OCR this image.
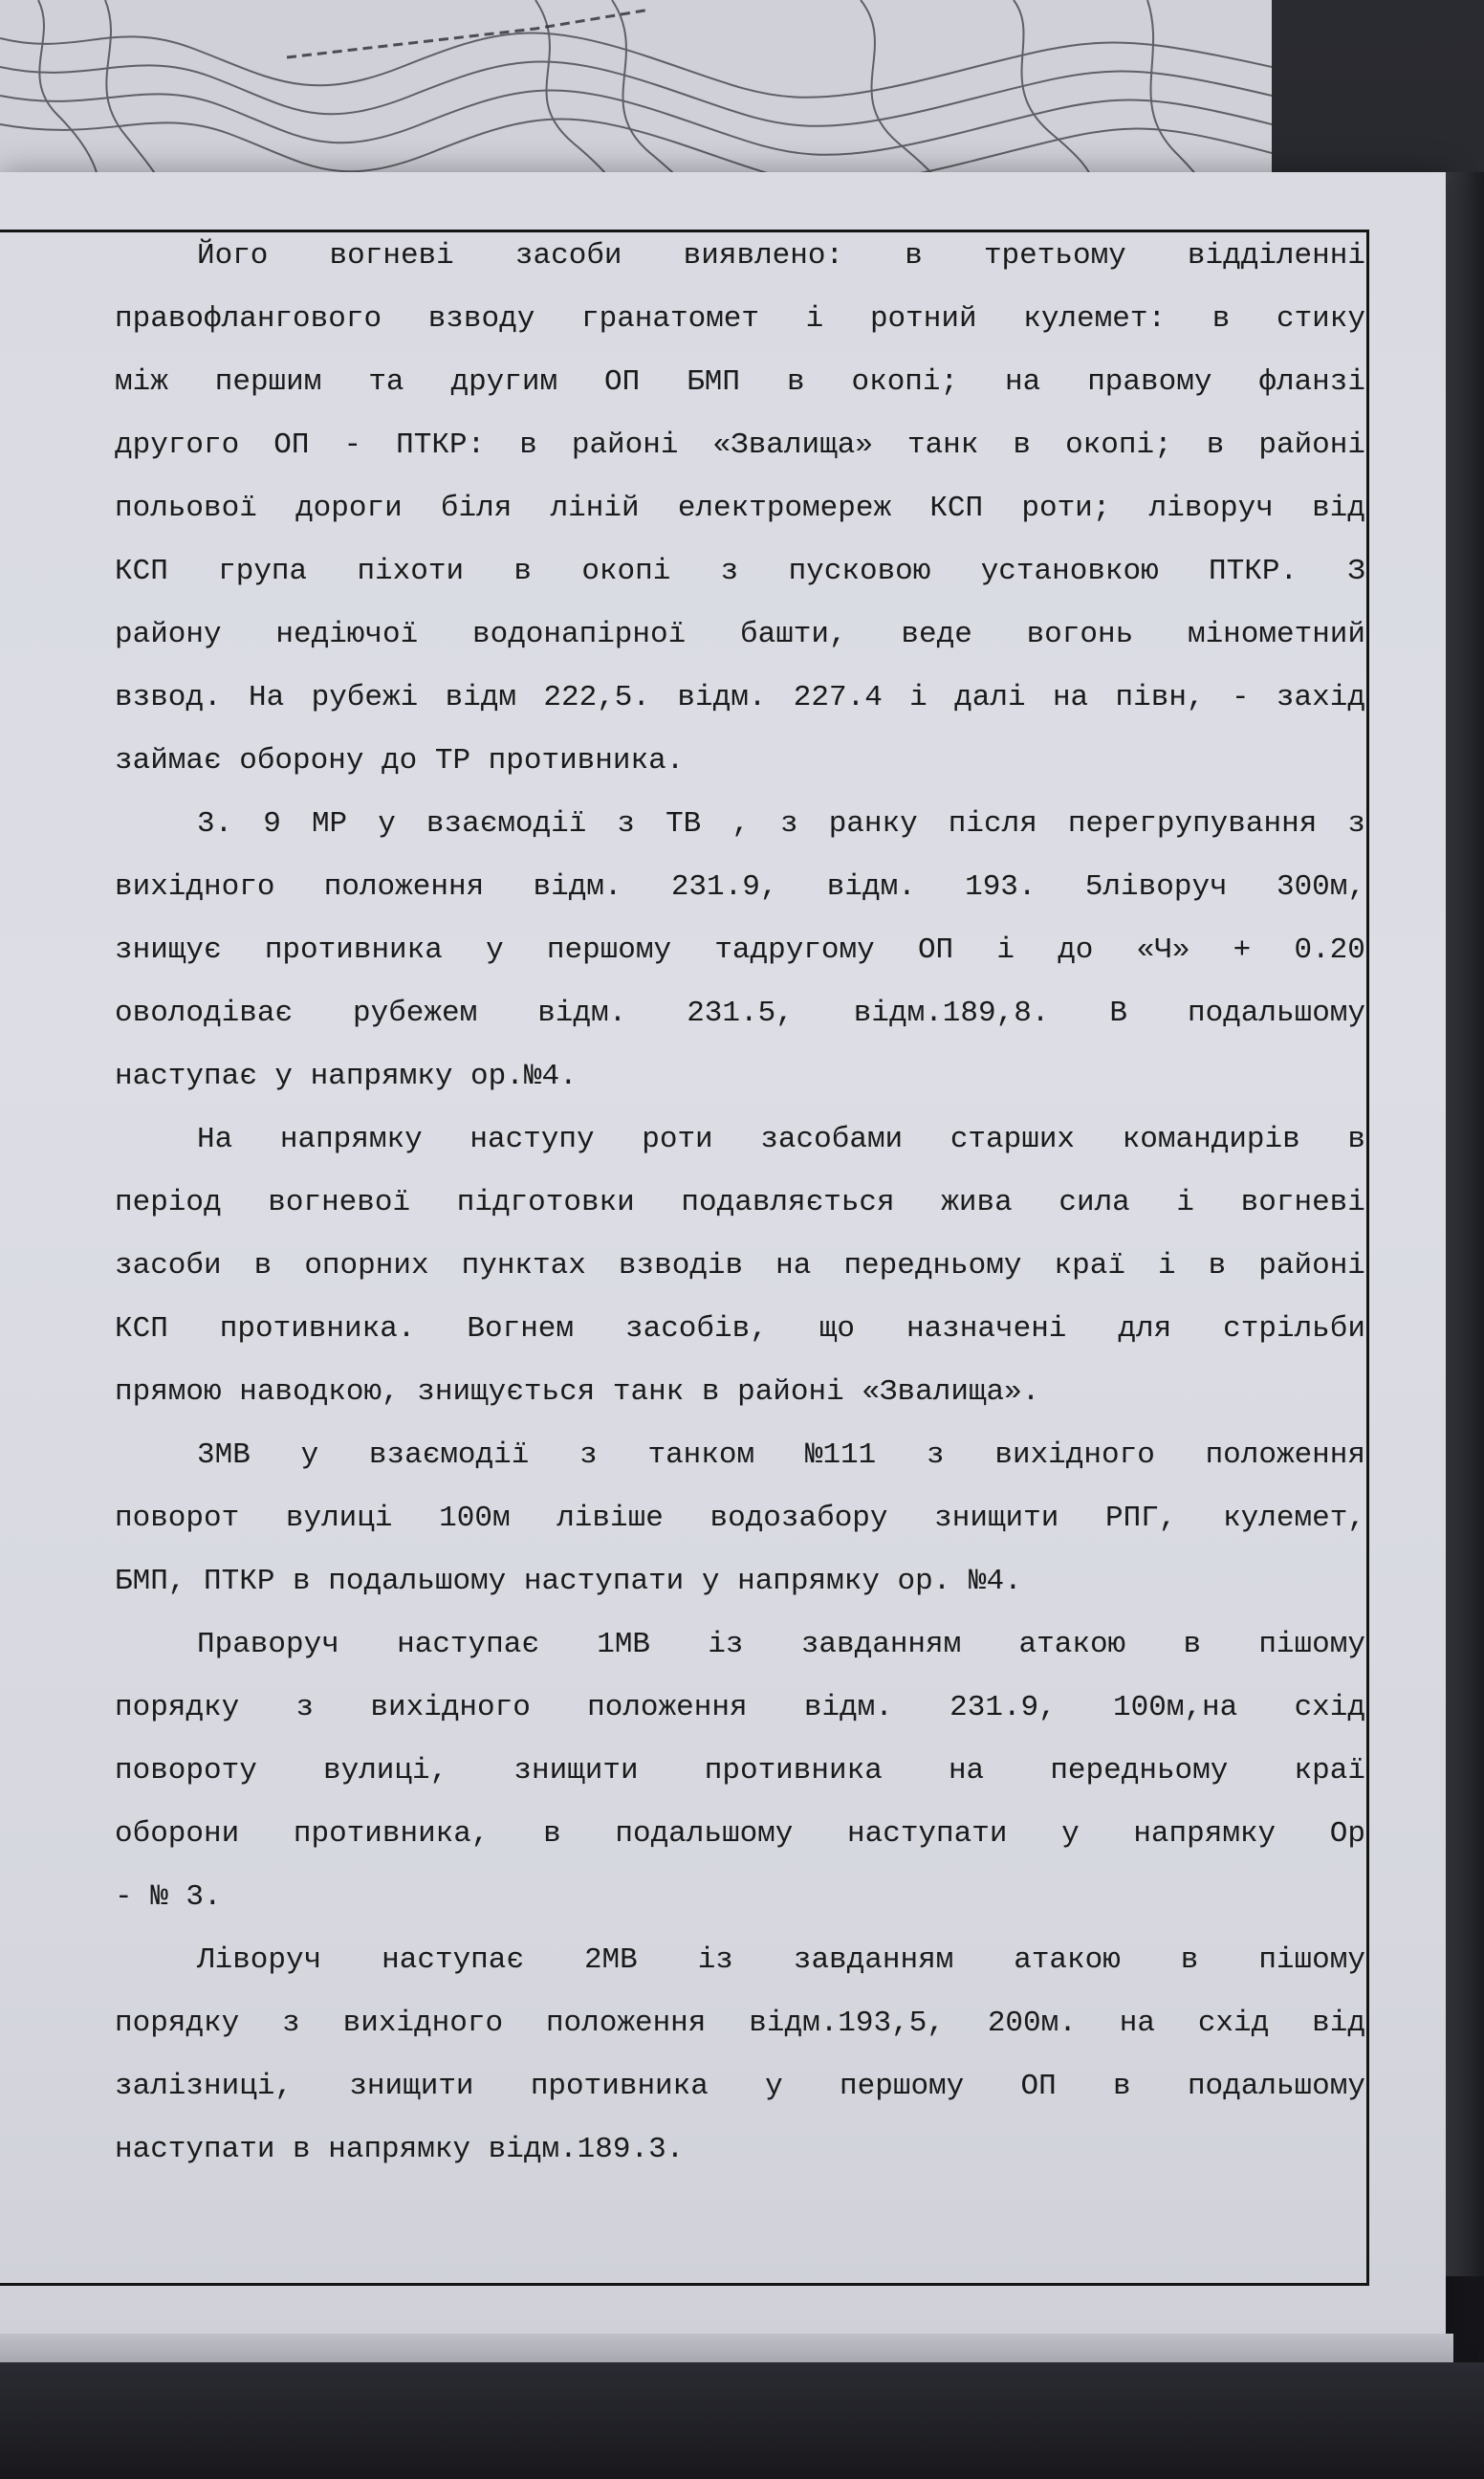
Його вогневі засоби виявлено: в третьому відділенні
правофлангового взводу гранатомет і ротний кулемет: в стику
між першим та другим ОП БМП в окопі; на правому фланзі
другого ОП - ПТКР: в районі «Звалища» танк в окопі; в районі
польової дороги біля ліній електромереж КСП роти; ліворуч від
КСП група піхоти в окопі з пусковою установкою ПТКР. З
району недіючої водонапірної башти, веде вогонь мінометний
взвод. На рубежі відм 222,5. відм. 227.4 і далі на півн, - захід
займає оборону до ТР противника.
3. 9 МР у взаємодії з ТВ , з ранку після перегрупування з
вихідного положення відм. 231.9, відм. 193. 5ліворуч 300м,
знищує противника у першому тадругому ОП і до «Ч» + 0.20
оволодіває рубежем відм. 231.5, відм.189,8. В подальшому
наступає у напрямку ор.№4.
На напрямку наступу роти засобами старших командирів в
період вогневої підготовки подавляється жива сила і вогневі
засоби в опорних пунктах взводів на передньому краї і в районі
КСП противника. Вогнем засобів, що назначені для стрільби
прямою наводкою, знищується танк в районі «Звалища».
3МВ у взаємодії з танком №111 з вихідного положення
поворот вулиці 100м лівіше водозабору знищити РПГ, кулемет,
БМП, ПТКР в подальшому наступати у напрямку ор. №4.
Праворуч наступає 1МВ із завданням атакою в пішому
порядку з вихідного положення відм. 231.9, 100м,на схід
повороту вулиці, знищити противника на передньому краї
оборони противника, в подальшому наступати у напрямку Ор
- № 3.
Ліворуч наступає 2МВ із завданням атакою в пішому
порядку з вихідного положення відм.193,5, 200м. на схід від
залізниці, знищити противника у першому ОП в подальшому
наступати в напрямку відм.189.3.
